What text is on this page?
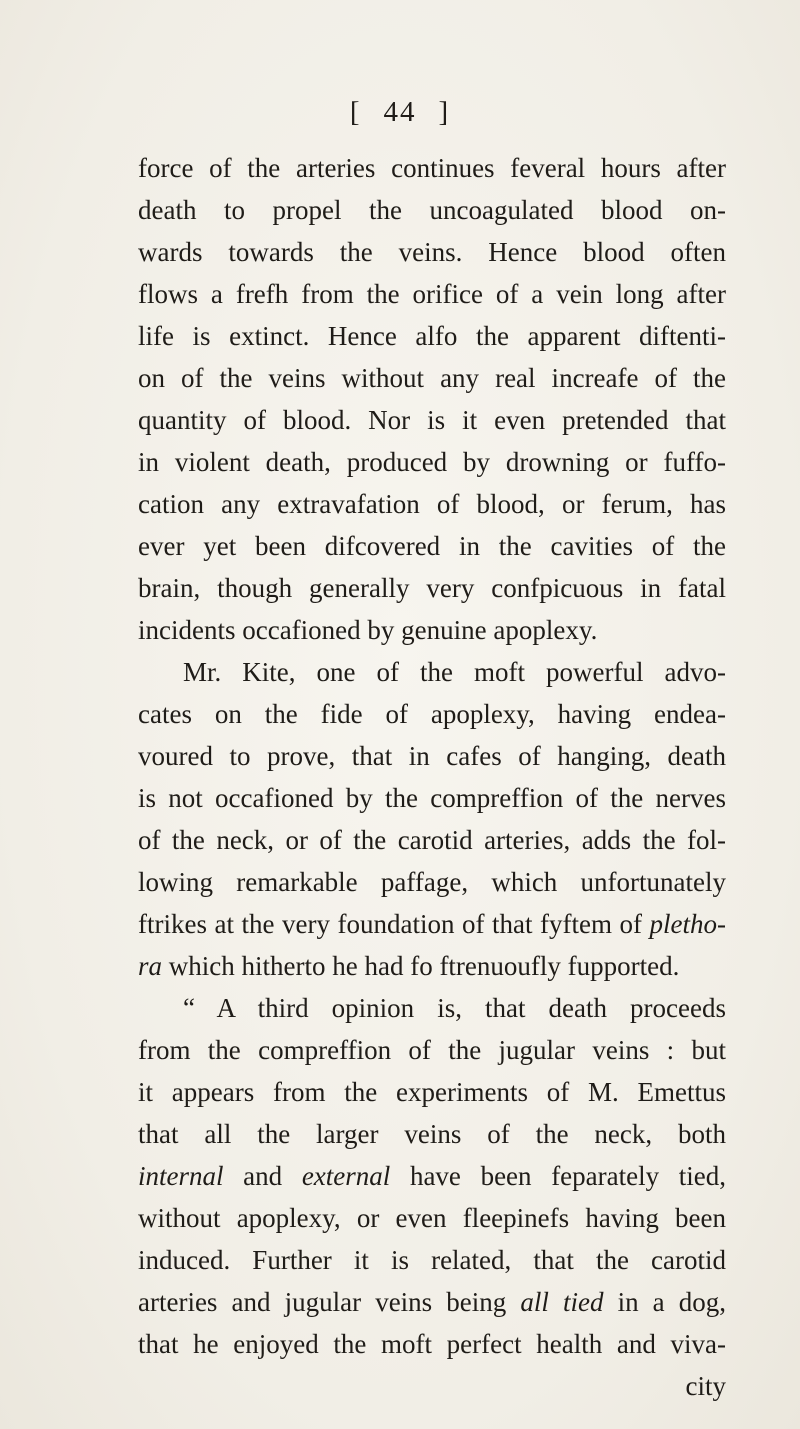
[ 44 ]
force of the arteries continues feveral hours after
death to propel the uncoagulated blood on-
wards towards the veins. Hence blood often
flows a frefh from the orifice of a vein long after
life is extinct. Hence alfo the apparent diftenti-
on of the veins without any real increafe of the
quantity of blood. Nor is it even pretended that
in violent death, produced by drowning or fuffo-
cation any extravafation of blood, or ferum, has
ever yet been difcovered in the cavities of the
brain, though generally very confpicuous in fatal
incidents occafioned by genuine apoplexy.
Mr. Kite, one of the moft powerful advo-
cates on the fide of apoplexy, having endea-
voured to prove, that in cafes of hanging, death
is not occafioned by the compreffion of the nerves
of the neck, or of the carotid arteries, adds the fol-
lowing remarkable paffage, which unfortunately
ftrikes at the very foundation of that fyftem of pletho-
ra which hitherto he had fo ftrenuoufly fupported.
“ A third opinion is, that death proceeds
from the compreffion of the jugular veins : but
it appears from the experiments of M. Emettus
that all the larger veins of the neck, both
internal and external have been feparately tied,
without apoplexy, or even fleepinefs having been
induced. Further it is related, that the carotid
arteries and jugular veins being all tied in a dog,
that he enjoyed the moft perfect health and viva-
city
